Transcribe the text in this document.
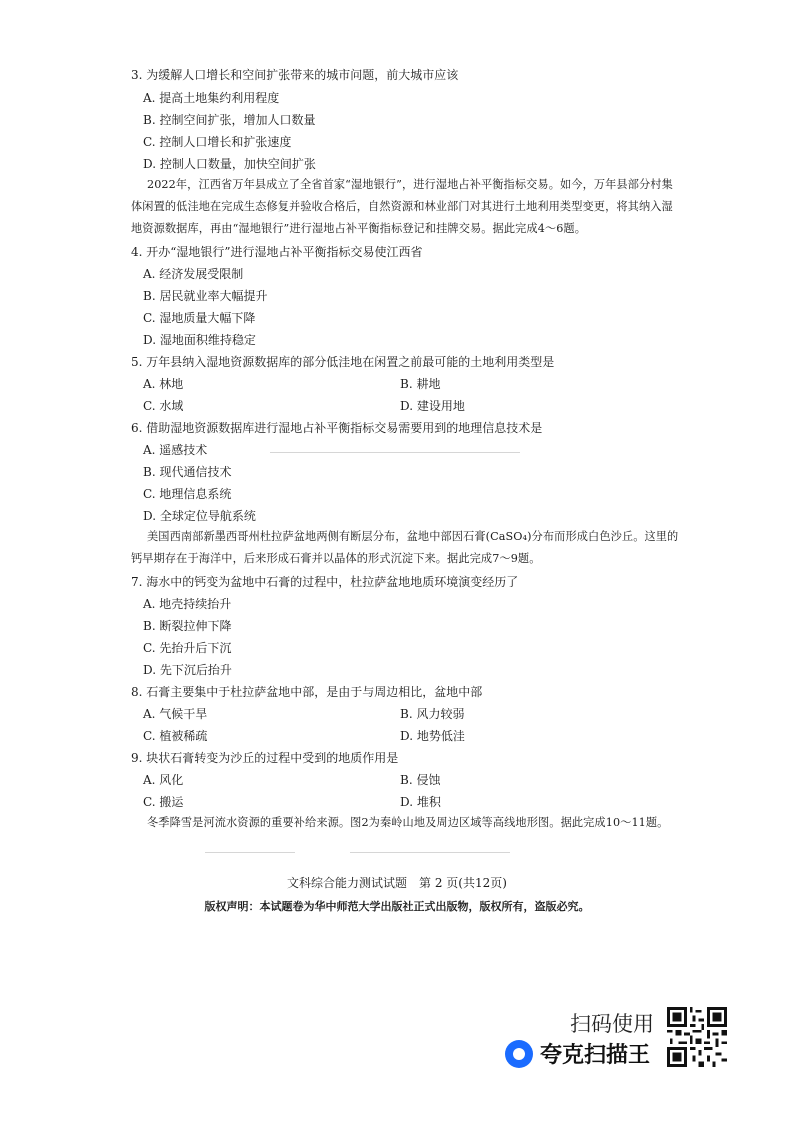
3. 为缓解人口增长和空间扩张带来的城市问题，前大城市应该
A. 提高土地集约利用程度
B. 控制空间扩张，增加人口数量
C. 控制人口增长和扩张速度
D. 控制人口数量，加快空间扩张
2022年，江西省万年县成立了全省首家“湿地银行”，进行湿地占补平衡指标交易。如今，万年县部分村集体闲置的低洼地在完成生态修复并验收合格后，自然资源和林业部门对其进行土地利用类型变更，将其纳入湿地资源数据库，再由“湿地银行”进行湿地占补平衡指标登记和挂牌交易。据此完成4～6题。
4. 开办“湿地银行”进行湿地占补平衡指标交易使江西省
A. 经济发展受限制
B. 居民就业率大幅提升
C. 湿地质量大幅下降
D. 湿地面积维持稳定
5. 万年县纳入湿地资源数据库的部分低洼地在闲置之前最可能的土地利用类型是
A. 林地	B. 耕地
C. 水域	D. 建设用地
6. 借助湿地资源数据库进行湿地占补平衡指标交易需要用到的地理信息技术是
A. 遥感技术
B. 现代通信技术
C. 地理信息系统
D. 全球定位导航系统
美国西南部新墨西哥州杜拉萨盆地两侧有断层分布，盆地中部因石膏(CaSO₄)分布而形成白色沙丘。这里的钙早期存在于海洋中，后来形成石膏并以晶体的形式沉淀下来。据此完成7～9题。
7. 海水中的钙变为盆地中石膏的过程中，杜拉萨盆地地质环境演变经历了
A. 地壳持续抬升
B. 断裂拉伸下降
C. 先抬升后下沉
D. 先下沉后抬升
8. 石膏主要集中于杜拉萨盆地中部，是由于与周边相比，盆地中部
A. 气候干旱	B. 风力较弱
C. 植被稀疏	D. 地势低洼
9. 块状石膏转变为沙丘的过程中受到的地质作用是
A. 风化	B. 侵蚀
C. 搬运	D. 堆积
冬季降雪是河流水资源的重要补给来源。图2为秦岭山地及周边区域等高线地形图。据此完成10～11题。
文科综合能力测试试题　第 2 页(共12页)
版权声明：本试题卷为华中师范大学出版社正式出版物，版权所有，盗版必究。
扫码使用
夸克扫描王
